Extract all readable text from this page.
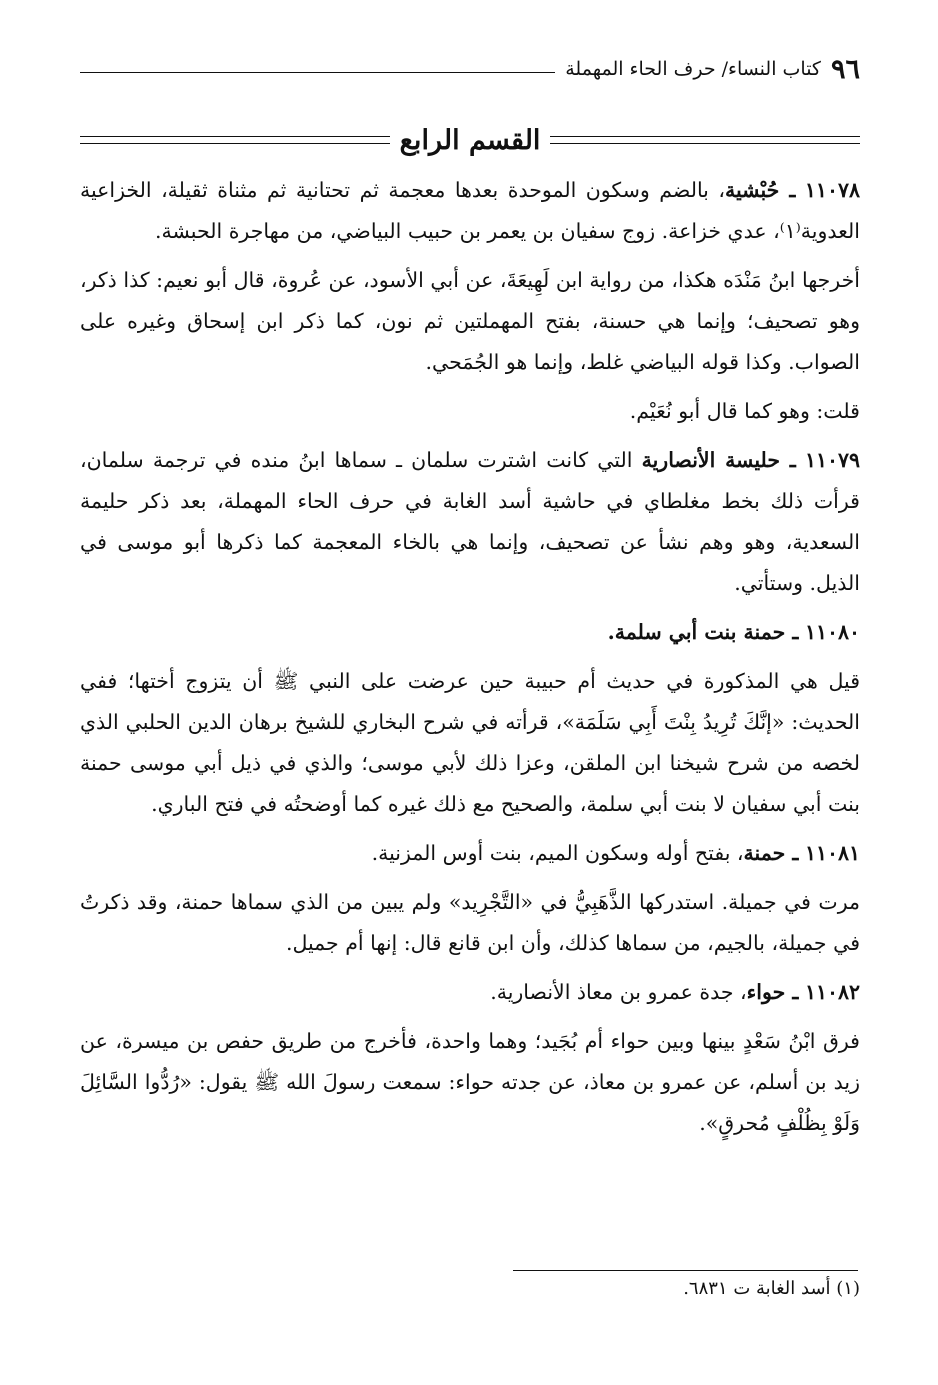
٩٦
كتاب النساء/ حرف الحاء المهملة
القسم الرابع

١١٠٧٨ ـ حُبْشية، بالضم وسكون الموحدة بعدها معجمة ثم تحتانية ثم مثناة ثقيلة، الخزاعية العدوية⁽١⁾، عدي خزاعة. زوج سفيان بن يعمر بن حبيب البياضي، من مهاجرة الحبشة.

أخرجها ابنُ مَنْدَه هكذا، من رواية ابن لَهِيعَةَ، عن أبي الأسود، عن عُروة، قال أبو نعيم: كذا ذكر، وهو تصحيف؛ وإنما هي حسنة، بفتح المهملتين ثم نون، كما ذكر ابن إسحاق وغيره على الصواب. وكذا قوله البياضي غلط، وإنما هو الجُمَحي.

قلت: وهو كما قال أبو نُعَيْم.

١١٠٧٩ ـ حليسة الأنصارية التي كانت اشترت سلمان ـ سماها ابنُ منده في ترجمة سلمان، قرأت ذلك بخط مغلطاي في حاشية أسد الغابة في حرف الحاء المهملة، بعد ذكر حليمة السعدية، وهو وهم نشأ عن تصحيف، وإنما هي بالخاء المعجمة كما ذكرها أبو موسى في الذيل. وستأتي.

١١٠٨٠ ـ حمنة بنت أبي سلمة.

قيل هي المذكورة في حديث أم حبيبة حين عرضت على النبي ﷺ أن يتزوج أختها؛ ففي الحديث: «إنَّكَ تُرِيدُ بِنْتَ أَبِي سَلَمَة»، قرأته في شرح البخاري للشيخ برهان الدين الحلبي الذي لخصه من شرح شيخنا ابن الملقن، وعزا ذلك لأبي موسى؛ والذي في ذيل أبي موسى حمنة بنت أبي سفيان لا بنت أبي سلمة، والصحيح مع ذلك غيره كما أوضحتُه في فتح الباري.

١١٠٨١ ـ حمنة، بفتح أوله وسكون الميم، بنت أوس المزنية.

مرت في جميلة. استدركها الذَّهَبِيُّ في «التَّجْرِيد» ولم يبين من الذي سماها حمنة، وقد ذكرتُ في جميلة، بالجيم، من سماها كذلك، وأن ابن قانع قال: إنها أم جميل.

١١٠٨٢ ـ حواء، جدة عمرو بن معاذ الأنصارية.

فرق ابْنُ سَعْدٍ بينها وبين حواء أم بُجَيد؛ وهما واحدة، فأخرج من طريق حفص بن ميسرة، عن زيد بن أسلم، عن عمرو بن معاذ، عن جدته حواء: سمعت رسولَ الله ﷺ يقول: «رُدُّوا السَّائِلَ وَلَوْ بِظُلْفٍ مُحرقٍ».

(١) أسد الغابة ت ٦٨٣١.
